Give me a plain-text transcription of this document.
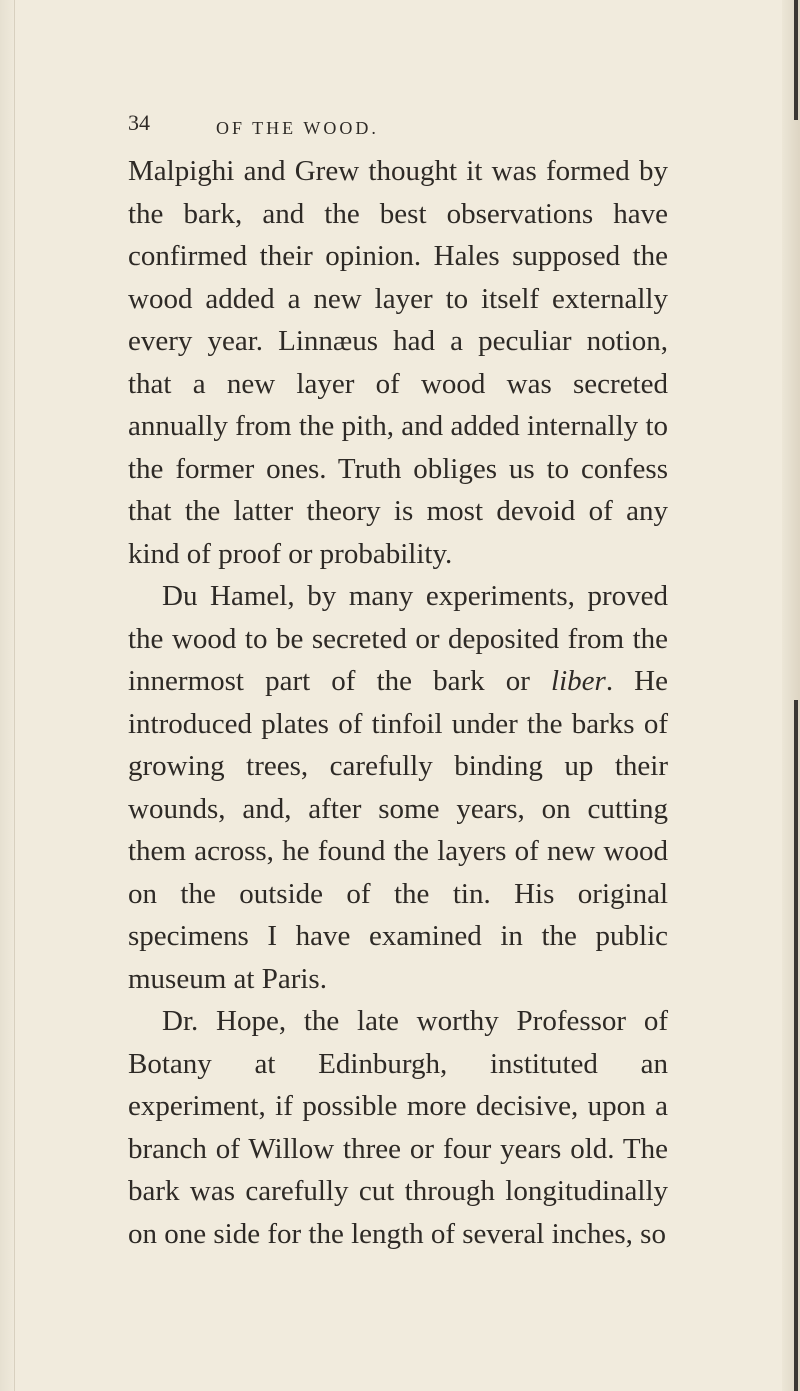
34	OF THE WOOD.

Malpighi and Grew thought it was formed by the bark, and the best observations have confirmed their opinion. Hales supposed the wood added a new layer to itself externally every year. Linnæus had a peculiar notion, that a new layer of wood was secreted annually from the pith, and added internally to the former ones. Truth obliges us to confess that the latter theory is most devoid of any kind of proof or probability.

Du Hamel, by many experiments, proved the wood to be secreted or deposited from the innermost part of the bark or liber. He introduced plates of tinfoil under the barks of growing trees, carefully binding up their wounds, and, after some years, on cutting them across, he found the layers of new wood on the outside of the tin. His original specimens I have examined in the public museum at Paris.

Dr. Hope, the late worthy Professor of Botany at Edinburgh, instituted an experiment, if possible more decisive, upon a branch of Willow three or four years old. The bark was carefully cut through longitudinally on one side for the length of several inches, so
